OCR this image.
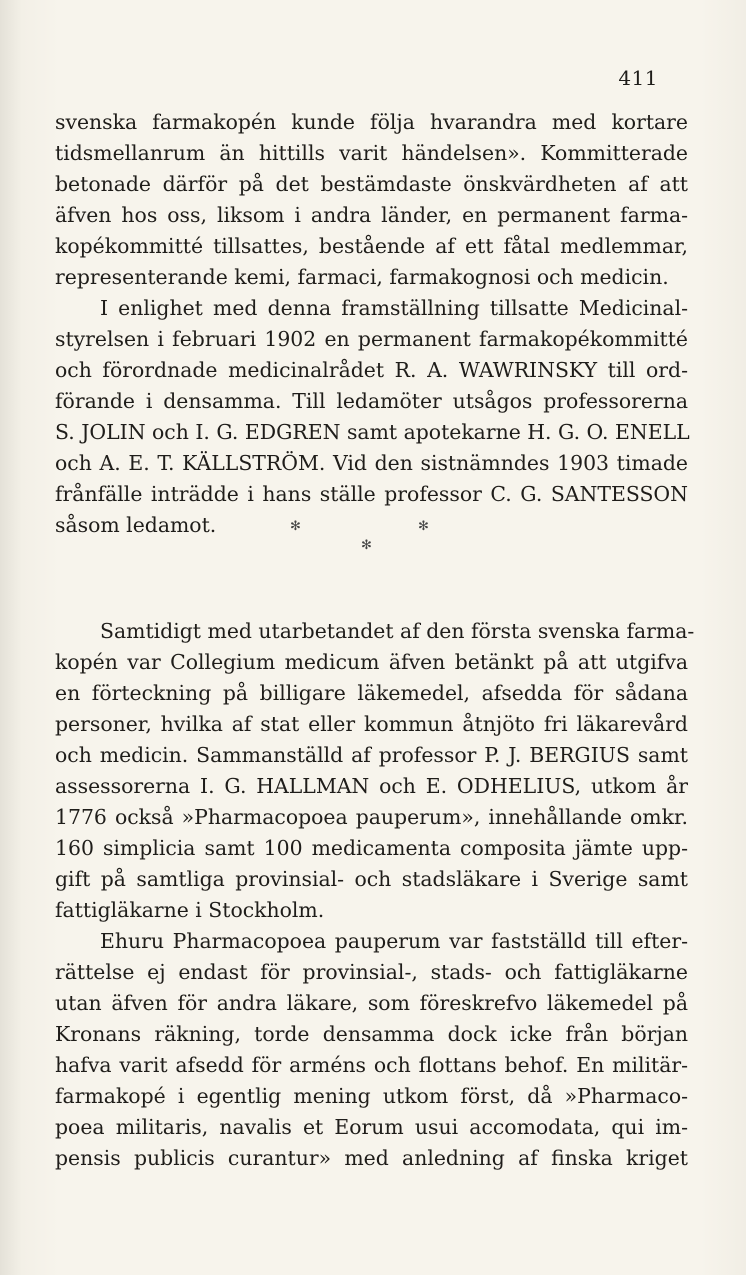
411
svenska farmakopén kunde följa hvarandra med kortare
tidsmellanrum än hittills varit händelsen». Kommitterade
betonade därför på det bestämdaste önskvärdheten af att
äfven hos oss, liksom i andra länder, en permanent farma-
kopékommitté tillsattes, bestående af ett fåtal medlemmar,
representerande kemi, farmaci, farmakognosi och medicin.
I enlighet med denna framställning tillsatte Medicinal-
styrelsen i februari 1902 en permanent farmakopékommitté
och förordnade medicinalrådet R. A. WAWRINSKY till ord-
förande i densamma. Till ledamöter utsågos professorerna
S. JOLIN och I. G. EDGREN samt apotekarne H. G. O. ENELL
och A. E. T. KÄLLSTRÖM. Vid den sistnämndes 1903 timade
frånfälle inträdde i hans ställe professor C. G. SANTESSON
såsom ledamot.	✻	✻
✻
Samtidigt med utarbetandet af den första svenska farma-
kopén var Collegium medicum äfven betänkt på att utgifva
en förteckning på billigare läkemedel, afsedda för sådana
personer, hvilka af stat eller kommun åtnjöto fri läkarevård
och medicin. Sammanställd af professor P. J. BERGIUS samt
assessorerna I. G. HALLMAN och E. ODHELIUS, utkom år
1776 också »Pharmacopoea pauperum», innehållande omkr.
160 simplicia samt 100 medicamenta composita jämte upp-
gift på samtliga provinsial- och stadsläkare i Sverige samt
fattigläkarne i Stockholm.
Ehuru Pharmacopoea pauperum var fastställd till efter-
rättelse ej endast för provinsial-, stads- och fattigläkarne
utan äfven för andra läkare, som föreskrefvo läkemedel på
Kronans räkning, torde densamma dock icke från början
hafva varit afsedd för arméns och flottans behof. En militär-
farmakopé i egentlig mening utkom först, då »Pharmaco-
poea militaris, navalis et Eorum usui accomodata, qui im-
pensis publicis curantur» med anledning af finska kriget
